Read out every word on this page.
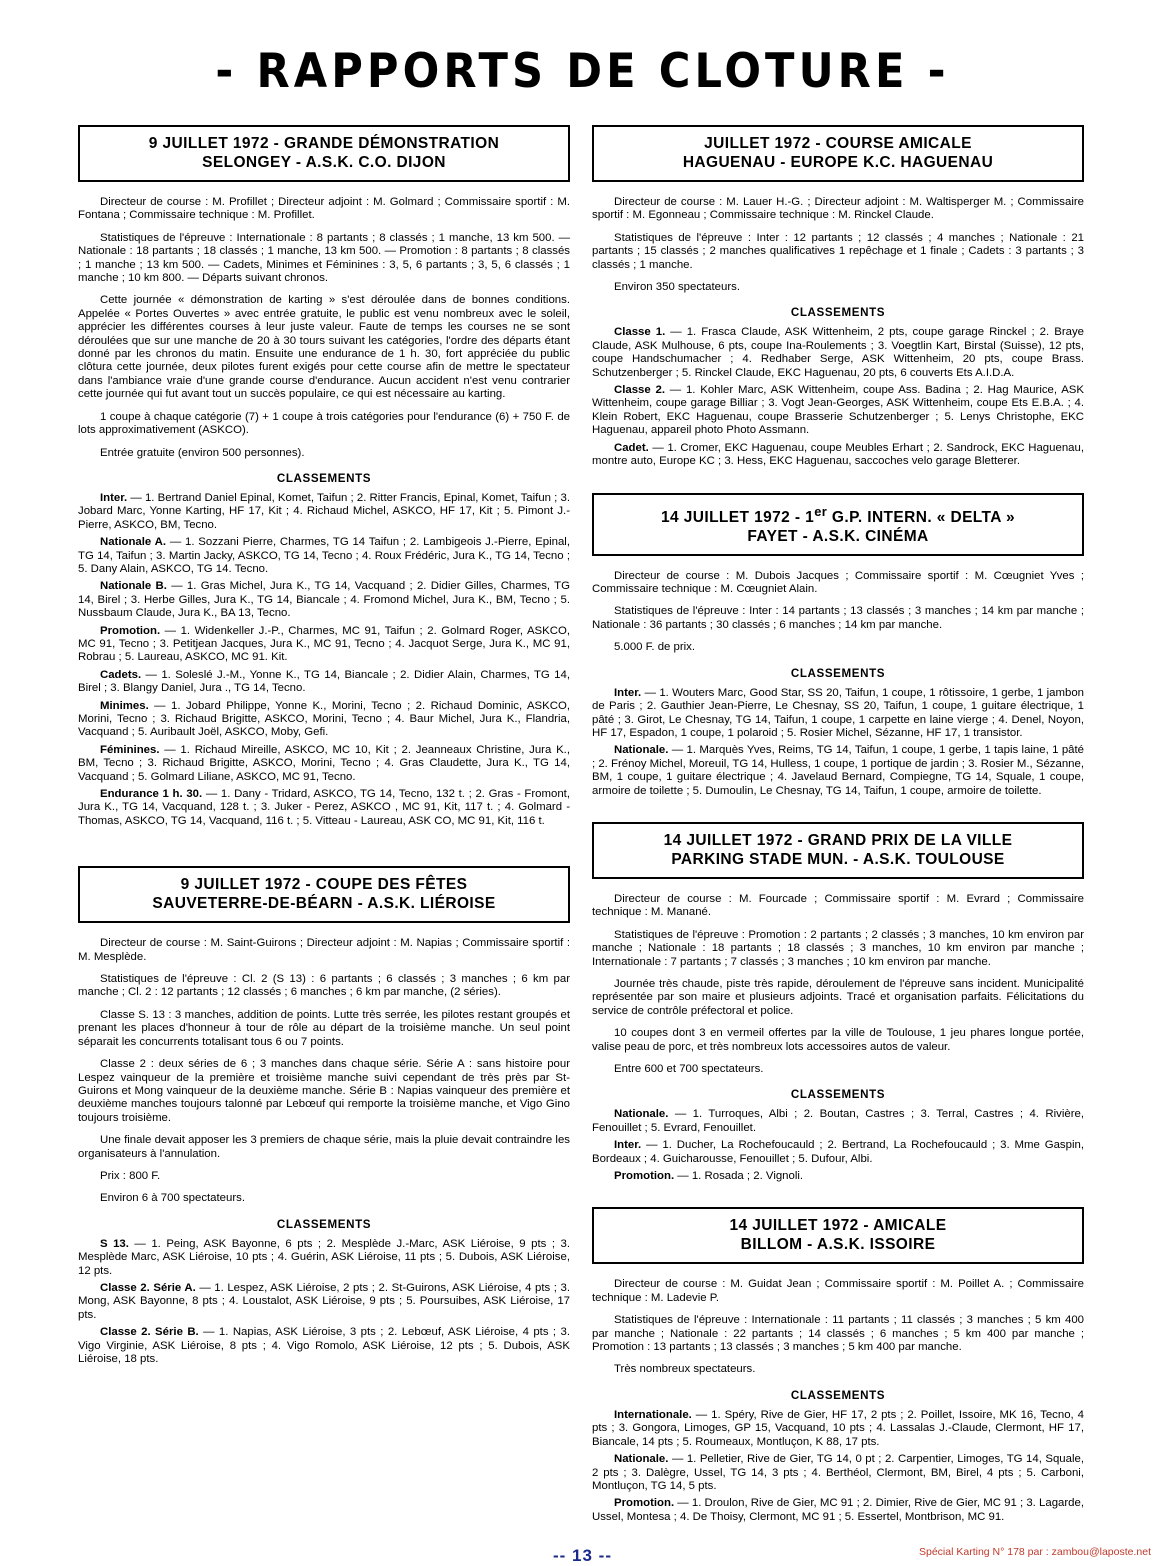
- RAPPORTS DE CLOTURE -
9 JUILLET 1972 - GRANDE DÉMONSTRATION
SELONGEY - A.S.K. C.O. DIJON

Directeur de course : M. Profillet ; Directeur adjoint : M. Golmard ; Commissaire sportif : M. Fontana ; Commissaire technique : M. Profillet.

Statistiques de l'épreuve : Internationale : 8 partants ; 8 classés ; 1 manche, 13 km 500. — Nationale : 18 partants ; 18 classés ; 1 manche, 13 km 500. — Promotion : 8 partants ; 8 classés ; 1 manche ; 13 km 500. — Cadets, Minimes et Féminines : 3, 5, 6 partants ; 3, 5, 6 classés ; 1 manche ; 10 km 800. — Départs suivant chronos.

Cette journée « démonstration de karting » s'est déroulée dans de bonnes conditions. Appelée « Portes Ouvertes » avec entrée gratuite, le public est venu nombreux avec le soleil, apprécier les différentes courses à leur juste valeur. Faute de temps les courses ne se sont déroulées que sur une manche de 20 à 30 tours suivant les catégories, l'ordre des départs étant donné par les chronos du matin. Ensuite une endurance de 1 h. 30, fort appréciée du public clôtura cette journée, deux pilotes furent exigés pour cette course afin de mettre le spectateur dans l'ambiance vraie d'une grande course d'endurance. Aucun accident n'est venu contrarier cette journée qui fut avant tout un succès populaire, ce qui est nécessaire au karting.

1 coupe à chaque catégorie (7) + 1 coupe à trois catégories pour l'endurance (6) + 750 F. de lots approximativement (ASKCO).

Entrée gratuite (environ 500 personnes).

CLASSEMENTS

Inter. — 1. Bertrand Daniel Epinal, Komet, Taifun ; 2. Ritter Francis, Epinal, Komet, Taifun ; 3. Jobard Marc, Yonne Karting, HF 17, Kit ; 4. Richaud Michel, ASKCO, HF 17, Kit ; 5. Pimont J.-Pierre, ASKCO, BM, Tecno.

Nationale A. — 1. Sozzani Pierre, Charmes, TG 14 Taifun ; 2. Lambigeois J.-Pierre, Epinal, TG 14, Taifun ; 3. Martin Jacky, ASKCO, TG 14, Tecno ; 4. Roux Frédéric, Jura K., TG 14, Tecno ; 5. Dany Alain, ASKCO, TG 14. Tecno.

Nationale B. — 1. Gras Michel, Jura K., TG 14, Vacquand ; 2. Didier Gilles, Charmes, TG 14, Birel ; 3. Herbe Gilles, Jura K., TG 14, Biancale ; 4. Fromond Michel, Jura K., BM, Tecno ; 5. Nussbaum Claude, Jura K., BA 13, Tecno.

Promotion. — 1. Widenkeller J.-P., Charmes, MC 91, Taifun ; 2. Golmard Roger, ASKCO, MC 91, Tecno ; 3. Petitjean Jacques, Jura K., MC 91, Tecno ; 4. Jacquot Serge, Jura K., MC 91, Robrau ; 5. Laureau, ASKCO, MC 91. Kit.

Cadets. — 1. Soleslé J.-M., Yonne K., TG 14, Biancale ; 2. Didier Alain, Charmes, TG 14, Birel ; 3. Blangy Daniel, Jura ., TG 14, Tecno.

Minimes. — 1. Jobard Philippe, Yonne K., Morini, Tecno ; 2. Richaud Dominic, ASKCO, Morini, Tecno ; 3. Richaud Brigitte, ASKCO, Morini, Tecno ; 4. Baur Michel, Jura K., Flandria, Vacquand ; 5. Auribault Joël, ASKCO, Moby, Gefi.

Féminines. — 1. Richaud Mireille, ASKCO, MC 10, Kit ; 2. Jeanneaux Christine, Jura K., BM, Tecno ; 3. Richaud Brigitte, ASKCO, Morini, Tecno ; 4. Gras Claudette, Jura K., TG 14, Vacquand ; 5. Golmard Liliane, ASKCO, MC 91, Tecno.

Endurance 1 h. 30. — 1. Dany - Tridard, ASKCO, TG 14, Tecno, 132 t. ; 2. Gras - Fromont, Jura K., TG 14, Vacquand, 128 t. ; 3. Juker - Perez, ASKCO , MC 91, Kit, 117 t. ; 4. Golmard - Thomas, ASKCO, TG 14, Vacquand, 116 t. ; 5. Vitteau - Laureau, ASK CO, MC 91, Kit, 116 t.

9 JUILLET 1972 - COUPE DES FÊTES
SAUVETERRE-DE-BÉARN - A.S.K. LIÉROISE

Directeur de course : M. Saint-Guirons ; Directeur adjoint : M. Napias ; Commissaire sportif : M. Mesplède.

Statistiques de l'épreuve : Cl. 2 (S 13) : 6 partants ; 6 classés ; 3 manches ; 6 km par manche ; Cl. 2 : 12 partants ; 12 classés ; 6 manches ; 6 km par manche, (2 séries).

Classe S. 13 : 3 manches, addition de points. Lutte très serrée, les pilotes restant groupés et prenant les places d'honneur à tour de rôle au départ de la troisième manche. Un seul point séparait les concurrents totalisant tous 6 ou 7 points.

Classe 2 : deux séries de 6 ; 3 manches dans chaque série. Série A : sans histoire pour Lespez vainqueur de la première et troisième manche suivi cependant de très près par St-Guirons et Mong vainqueur de la deuxième manche. Série B : Napias vainqueur des première et deuxième manches toujours talonné par Lebœuf qui remporte la troisième manche, et Vigo Gino toujours troisième.

Une finale devait apposer les 3 premiers de chaque série, mais la pluie devait contraindre les organisateurs à l'annulation.

Prix : 800 F.

Environ 6 à 700 spectateurs.

CLASSEMENTS

S 13. — 1. Peing, ASK Bayonne, 6 pts ; 2. Mesplède J.-Marc, ASK Liéroise, 9 pts ; 3. Mesplède Marc, ASK Liéroise, 10 pts ; 4. Guérin, ASK Liéroise, 11 pts ; 5. Dubois, ASK Liéroise, 12 pts.

Classe 2. Série A. — 1. Lespez, ASK Liéroise, 2 pts ; 2. St-Guirons, ASK Liéroise, 4 pts ; 3. Mong, ASK Bayonne, 8 pts ; 4. Loustalot, ASK Liéroise, 9 pts ; 5. Poursuibes, ASK Liéroise, 17 pts.

Classe 2. Série B. — 1. Napias, ASK Liéroise, 3 pts ; 2. Lebœuf, ASK Liéroise, 4 pts ; 3. Vigo Virginie, ASK Liéroise, 8 pts ; 4. Vigo Romolo, ASK Liéroise, 12 pts ; 5. Dubois, ASK Liéroise, 18 pts.

JUILLET 1972 - COURSE AMICALE
HAGUENAU - EUROPE K.C. HAGUENAU

Directeur de course : M. Lauer H.-G. ; Directeur adjoint : M. Waltisperger M. ; Commissaire sportif : M. Egonneau ; Commissaire technique : M. Rinckel Claude.

Statistiques de l'épreuve : Inter : 12 partants ; 12 classés ; 4 manches ; Nationale : 21 partants ; 15 classés ; 2 manches qualificatives 1 repêchage et 1 finale ; Cadets : 3 partants ; 3 classés ; 1 manche.

Environ 350 spectateurs.

CLASSEMENTS

Classe 1. — 1. Frasca Claude, ASK Wittenheim, 2 pts, coupe garage Rinckel ; 2. Braye Claude, ASK Mulhouse, 6 pts, coupe Ina-Roulements ; 3. Voegtlin Kart, Birstal (Suisse), 12 pts, coupe Handschumacher ; 4. Redhaber Serge, ASK Wittenheim, 20 pts, coupe Brass. Schutzenberger ; 5. Rinckel Claude, EKC Haguenau, 20 pts, 6 couverts Ets A.I.D.A.

Classe 2. — 1. Kohler Marc, ASK Wittenheim, coupe Ass. Badina ; 2. Hag Maurice, ASK Wittenheim, coupe garage Billiar ; 3. Vogt Jean-Georges, ASK Wittenheim, coupe Ets E.B.A. ; 4. Klein Robert, EKC Haguenau, coupe Brasserie Schutzenberger ; 5. Lenys Christophe, EKC Haguenau, appareil photo Photo Assmann.

Cadet. — 1. Cromer, EKC Haguenau, coupe Meubles Erhart ; 2. Sandrock, EKC Haguenau, montre auto, Europe KC ; 3. Hess, EKC Haguenau, saccoches velo garage Bletterer.

14 JUILLET 1972 - 1er G.P. INTERN. « DELTA »
FAYET - A.S.K. CINÉMA

Directeur de course : M. Dubois Jacques ; Commissaire sportif : M. Cœugniet Yves ; Commissaire technique : M. Cœugniet Alain.

Statistiques de l'épreuve : Inter : 14 partants ; 13 classés ; 3 manches ; 14 km par manche ; Nationale : 36 partants ; 30 classés ; 6 manches ; 14 km par manche.

5.000 F. de prix.

CLASSEMENTS

Inter. — 1. Wouters Marc, Good Star, SS 20, Taifun, 1 coupe, 1 rôtissoire, 1 gerbe, 1 jambon de Paris ; 2. Gauthier Jean-Pierre, Le Chesnay, SS 20, Taifun, 1 coupe, 1 guitare électrique, 1 pâté ; 3. Girot, Le Chesnay, TG 14, Taifun, 1 coupe, 1 carpette en laine vierge ; 4. Denel, Noyon, HF 17, Espadon, 1 coupe, 1 polaroid ; 5. Rosier Michel, Sézanne, HF 17, 1 transistor.

Nationale. — 1. Marquès Yves, Reims, TG 14, Taifun, 1 coupe, 1 gerbe, 1 tapis laine, 1 pâté ; 2. Frénoy Michel, Moreuil, TG 14, Hulless, 1 coupe, 1 portique de jardin ; 3. Rosier M., Sézanne, BM, 1 coupe, 1 guitare électrique ; 4. Javelaud Bernard, Compiegne, TG 14, Squale, 1 coupe, armoire de toilette ; 5. Dumoulin, Le Chesnay, TG 14, Taifun, 1 coupe, armoire de toilette.

14 JUILLET 1972 - GRAND PRIX DE LA VILLE
PARKING STADE MUN. - A.S.K. TOULOUSE

Directeur de course : M. Fourcade ; Commissaire sportif : M. Evrard ; Commissaire technique : M. Manané.

Statistiques de l'épreuve : Promotion : 2 partants ; 2 classés ; 3 manches, 10 km environ par manche ; Nationale : 18 partants ; 18 classés ; 3 manches, 10 km environ par manche ; Internationale : 7 partants ; 7 classés ; 3 manches ; 10 km environ par manche.

Journée très chaude, piste très rapide, déroulement de l'épreuve sans incident. Municipalité représentée par son maire et plusieurs adjoints. Tracé et organisation parfaits. Félicitations du service de contrôle préfectoral et police.

10 coupes dont 3 en vermeil offertes par la ville de Toulouse, 1 jeu phares longue portée, valise peau de porc, et très nombreux lots accessoires autos de valeur.

Entre 600 et 700 spectateurs.

CLASSEMENTS

Nationale. — 1. Turroques, Albi ; 2. Boutan, Castres ; 3. Terral, Castres ; 4. Rivière, Fenouillet ; 5. Evrard, Fenouillet.

Inter. — 1. Ducher, La Rochefoucauld ; 2. Bertrand, La Rochefoucauld ; 3. Mme Gaspin, Bordeaux ; 4. Guicharousse, Fenouillet ; 5. Dufour, Albi.

Promotion. — 1. Rosada ; 2. Vignoli.

14 JUILLET 1972 - AMICALE
BILLOM - A.S.K. ISSOIRE

Directeur de course : M. Guidat Jean ; Commissaire sportif : M. Poillet A. ; Commissaire technique : M. Ladevie P.

Statistiques de l'épreuve : Internationale : 11 partants ; 11 classés ; 3 manches ; 5 km 400 par manche ; Nationale : 22 partants ; 14 classés ; 6 manches ; 5 km 400 par manche ; Promotion : 13 partants ; 13 classés ; 3 manches ; 5 km 400 par manche.

Très nombreux spectateurs.

CLASSEMENTS

Internationale. — 1. Spéry, Rive de Gier, HF 17, 2 pts ; 2. Poillet, Issoire, MK 16, Tecno, 4 pts ; 3. Gongora, Limoges, GP 15, Vacquand, 10 pts ; 4. Lassalas J.-Claude, Clermont, HF 17, Biancale, 14 pts ; 5. Roumeaux, Montluçon, K 88, 17 pts.

Nationale. — 1. Pelletier, Rive de Gier, TG 14, 0 pt ; 2. Carpentier, Limoges, TG 14, Squale, 2 pts ; 3. Dalègre, Ussel, TG 14, 3 pts ; 4. Berthéol, Clermont, BM, Birel, 4 pts ; 5. Carboni, Montluçon, TG 14, 5 pts.

Promotion. — 1. Droulon, Rive de Gier, MC 91 ; 2. Dimier, Rive de Gier, MC 91 ; 3. Lagarde, Ussel, Montesa ; 4. De Thoisy, Clermont, MC 91 ; 5. Essertel, Montbrison, MC 91.

-- 13 --	Spécial Karting N° 178 par : zambou@laposte.net
